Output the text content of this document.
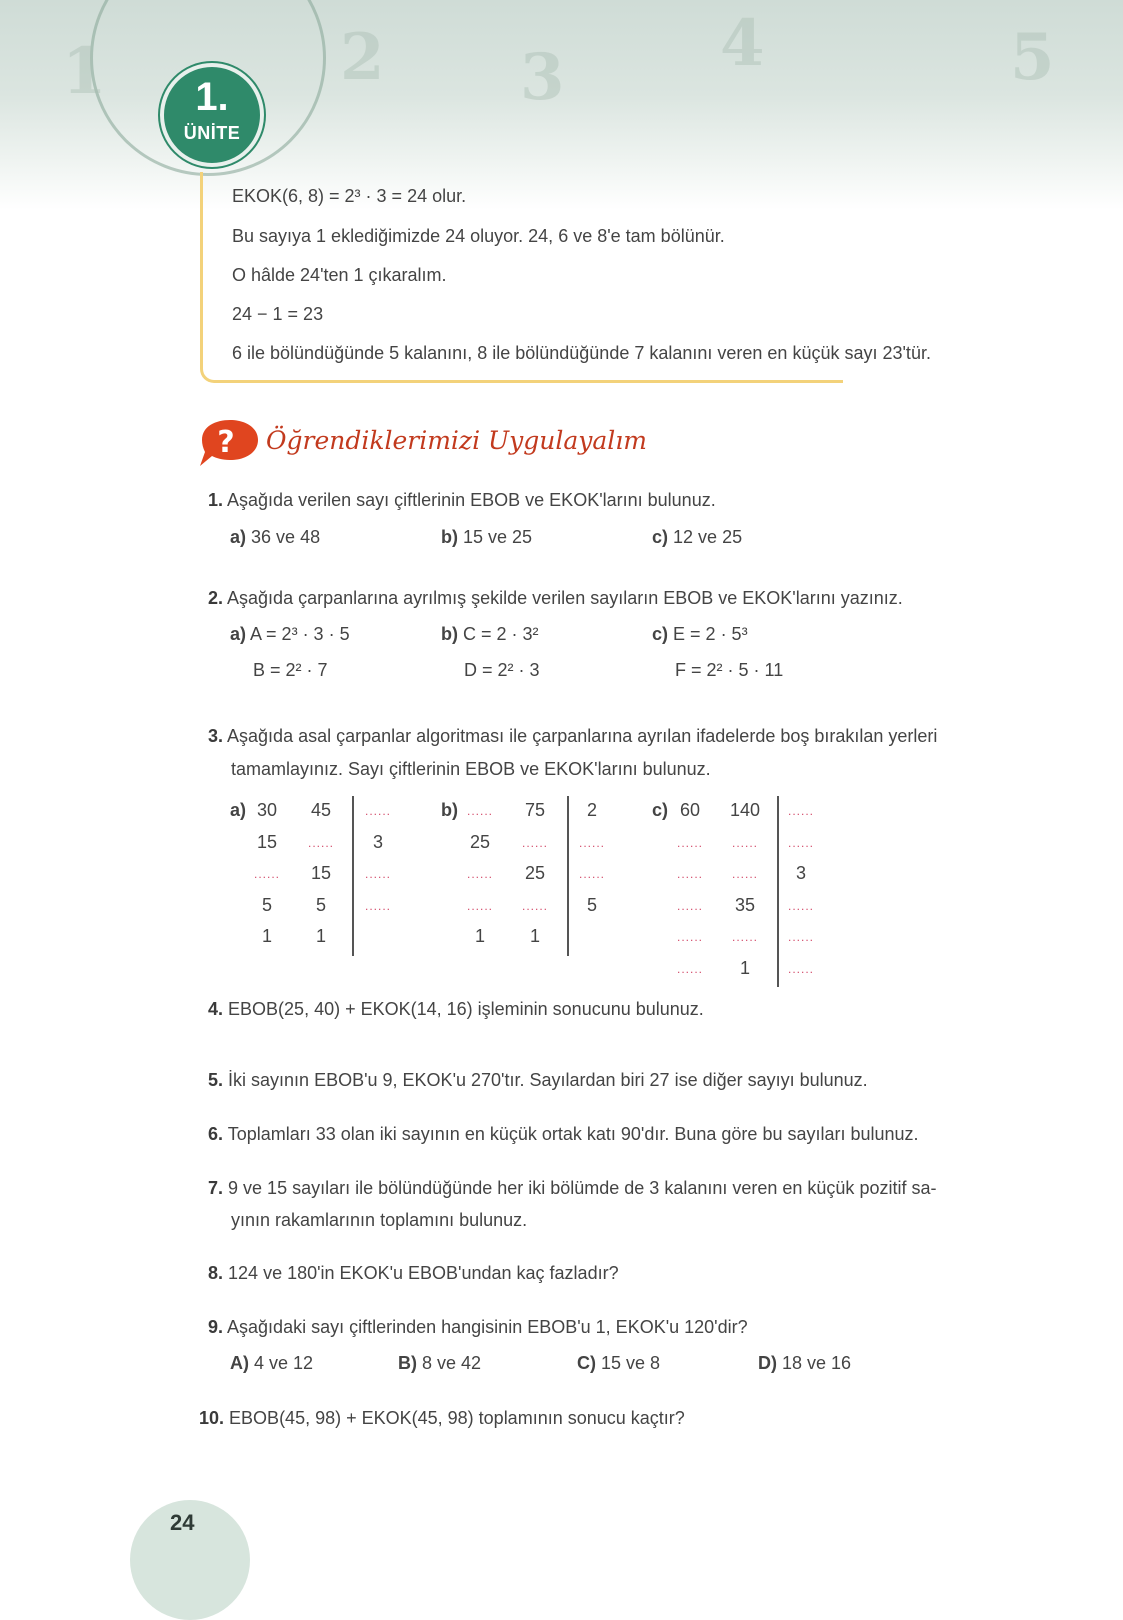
1	2 3 4	5
1.
ÜNİTE
EKOK(6, 8) = 2³ · 3 = 24 olur.
Bu sayıya 1 eklediğimizde 24 oluyor. 24, 6 ve 8'e tam bölünür.
O hâlde 24'ten 1 çıkaralım.
24 − 1 = 23
6 ile bölündüğünde 5 kalanını, 8 ile bölündüğünde 7 kalanını veren en küçük sayı 23'tür.
? Öğrendiklerimizi Uygulayalım
1. Aşağıda verilen sayı çiftlerinin EBOB ve EKOK'larını bulunuz.
a) 36 ve 48	b) 15 ve 25	c) 12 ve 25
2. Aşağıda çarpanlarına ayrılmış şekilde verilen sayıların EBOB ve EKOK'larını yazınız.
a) A = 2³ · 3 · 5
B = 2² · 7
b) C = 2 · 3²
D = 2² · 3
c) E = 2 · 5³
F = 2² · 5 · 11
3. Aşağıda asal çarpanlar algoritması ile çarpanlarına ayrılan ifadelerde boş bırakılan yerleri
tamamlayınız. Sayı çiftlerinin EBOB ve EKOK'larını bulunuz.
a)	b)	c)
30	45	......
15	......	3
......	15	......
5	5	......
1	1
......	75	2
25	......	......
......	25	......
......	......	5
1	1
60	140	......
......	......	......
......	......	3
......	35	......
......	......	......
......	1	......
4. EBOB(25, 40) + EKOK(14, 16) işleminin sonucunu bulunuz.
5. İki sayının EBOB'u 9, EKOK'u 270'tır. Sayılardan biri 27 ise diğer sayıyı bulunuz.
6. Toplamları 33 olan iki sayının en küçük ortak katı 90'dır. Buna göre bu sayıları bulunuz.
7. 9 ve 15 sayıları ile bölündüğünde her iki bölümde de 3 kalanını veren en küçük pozitif sa-
yının rakamlarının toplamını bulunuz.
8. 124 ve 180'in EKOK'u EBOB'undan kaç fazladır?
9. Aşağıdaki sayı çiftlerinden hangisinin EBOB'u 1, EKOK'u 120'dir?
A) 4 ve 12	B) 8 ve 42	C) 15 ve 8	D) 18 ve 16
10. EBOB(45, 98) + EKOK(45, 98) toplamının sonucu kaçtır?
24
